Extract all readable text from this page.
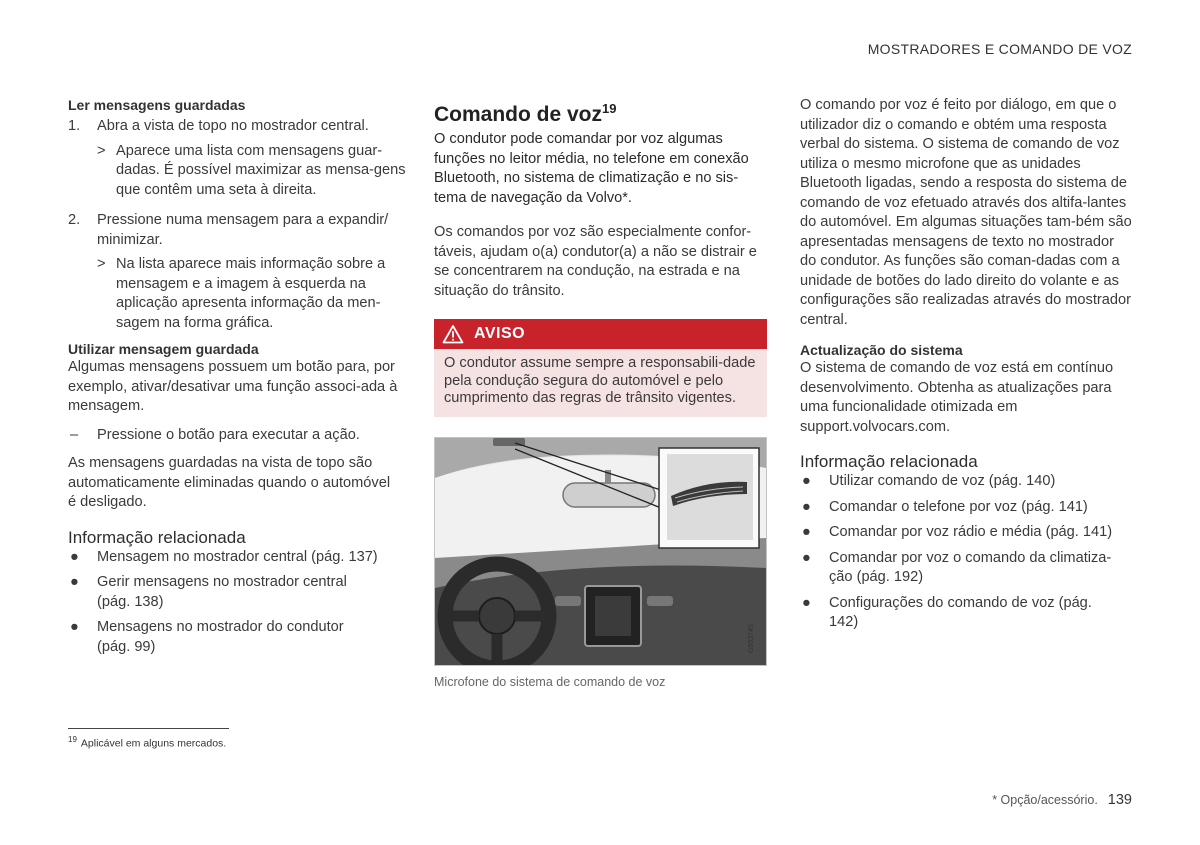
MOSTRADORES E COMANDO DE VOZ

Ler mensagens guardadas

1. Abra a vista de topo no mostrador central.
> Aparece uma lista com mensagens guar-dadas. É possível maximizar as mensa-gens que contêm uma seta à direita.
2. Pressione numa mensagem para a expandir/ minimizar.
> Na lista aparece mais informação sobre a mensagem e a imagem à esquerda na aplicação apresenta informação da men-sagem na forma gráfica.

Utilizar mensagem guardada

Algumas mensagens possuem um botão para, por exemplo, ativar/desativar uma função associ-ada à mensagem.

– Pressione o botão para executar a ação.

As mensagens guardadas na vista de topo são automaticamente eliminadas quando o automóvel é desligado.

Informação relacionada

● Mensagem no mostrador central (pág. 137)
● Gerir mensagens no mostrador central (pág. 138)
● Mensagens no mostrador do condutor (pág. 99)

Comando de voz$^{19}$

O condutor pode comandar por voz algumas funções no leitor média, no telefone em conexão Bluetooth, no sistema de climatização e no sis-tema de navegação da Volvo*.

Os comandos por voz são especialmente confor-táveis, ajudam o(a) condutor(a) a não se distrair e se concentrarem na condução, na estrada e na situação do trânsito.

AVISO
O condutor assume sempre a responsabili-dade pela condução segura do automóvel e pelo cumprimento das regras de trânsito vigentes.
G053745
Microfone do sistema de comando de voz

O comando por voz é feito por diálogo, em que o utilizador diz o comando e obtém uma resposta verbal do sistema. O sistema de comando de voz utiliza o mesmo microfone que as unidades Bluetooth ligadas, sendo a resposta do sistema de comando de voz efetuado através dos altifa-lantes do automóvel. Em algumas situações tam-bém são apresentadas mensagens de texto no mostrador do condutor. As funções são coman-dadas com a unidade de botões do lado direito do volante e as configurações são realizadas através do mostrador central.

Actualização do sistema

O sistema de comando de voz está em contínuo desenvolvimento. Obtenha as atualizações para uma funcionalidade otimizada em support.volvocars.com.

Informação relacionada

● Utilizar comando de voz (pág. 140)
● Comandar o telefone por voz (pág. 141)
● Comandar por voz rádio e média (pág. 141)
● Comandar por voz o comando da climatiza-ção (pág. 192)
● Configurações do comando de voz (pág. 142)
$^{19}$ Aplicável em alguns mercados.
* Opção/acessório. 139
